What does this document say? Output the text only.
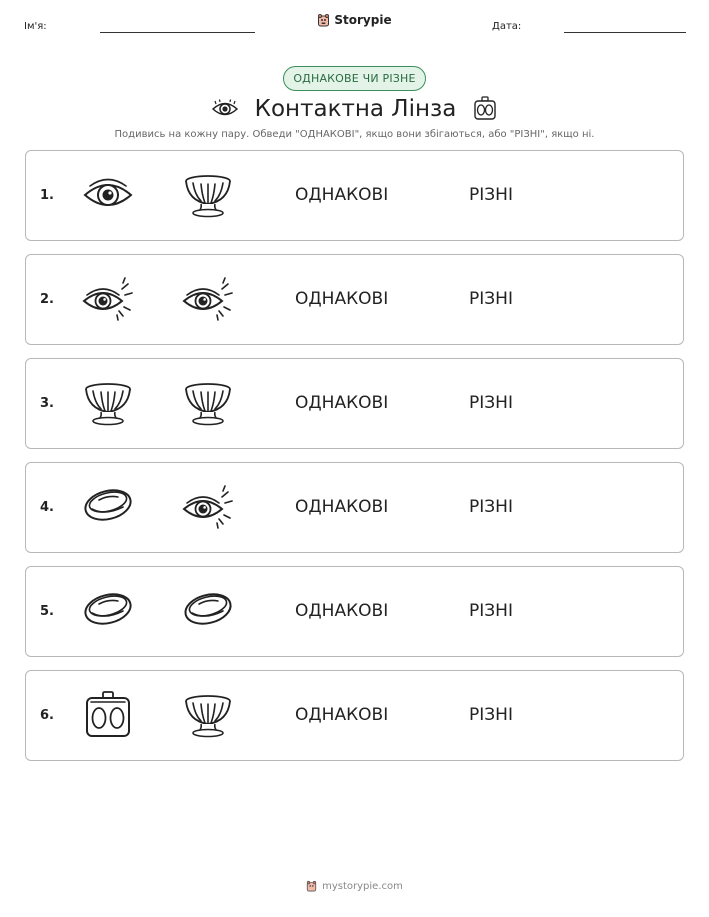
Ім'я:	Storypie	Дата:
ОДНАКОВЕ ЧИ РІЗНЕ
Контактна Лінза
Подивись на кожну пару. Обведи "ОДНАКОВІ", якщо вони збігаються, або "РІЗНІ", якщо ні.
1.	ОДНАКОВІ	РІЗНІ
2.	ОДНАКОВІ	РІЗНІ
3.	ОДНАКОВІ	РІЗНІ
4.	ОДНАКОВІ	РІЗНІ
5.	ОДНАКОВІ	РІЗНІ
6.	ОДНАКОВІ	РІЗНІ
mystorypie.com
